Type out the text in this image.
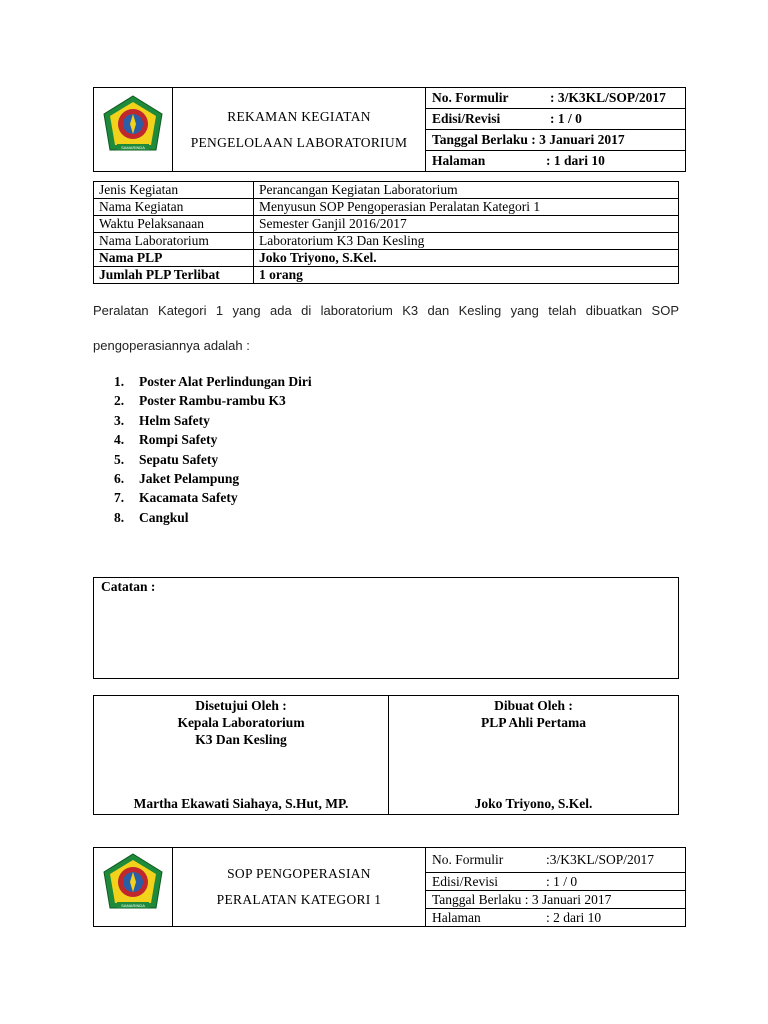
SAMARINDA

REKAMAN KEGIATAN
PENGELOLAAN LABORATORIUM
	No. Formulir	: 3/K3KL/SOP/2017
Edisi/Revisi	: 1 / 0
Tanggal Berlaku : 3 Januari 2017
Halaman	: 1 dari 10
Jenis Kegiatan	Perancangan Kegiatan Laboratorium
Nama Kegiatan	Menyusun SOP Pengoperasian Peralatan Kategori 1
Waktu Pelaksanaan	Semester Ganjil 2016/2017
Nama Laboratorium	Laboratorium K3 Dan Kesling
Nama PLP	Joko Triyono, S.Kel.
Jumlah PLP Terlibat	1 orang
Peralatan Kategori 1 yang ada di laboratorium K3 dan Kesling yang telah dibuatkan SOP
pengoperasiannya adalah :
1. Poster Alat Perlindungan Diri
2. Poster Rambu-rambu K3
3. Helm Safety
4. Rompi Safety
5. Sepatu Safety
6. Jaket Pelampung
7. Kacamata Safety
8. Cangkul
Catatan :
Disetujui Oleh :
Kepala Laboratorium
K3 Dan Kesling
Martha Ekawati Siahaya, S.Hut, MP.

Dibuat Oleh :
PLP Ahli Pertama
Joko Triyono, S.Kel.
SAMARINDA

SOP PENGOPERASIAN
PERALATAN KATEGORI 1
	No. Formulir	:3/K3KL/SOP/2017
Edisi/Revisi	: 1 / 0
Tanggal Berlaku : 3 Januari 2017
Halaman	: 2 dari 10
